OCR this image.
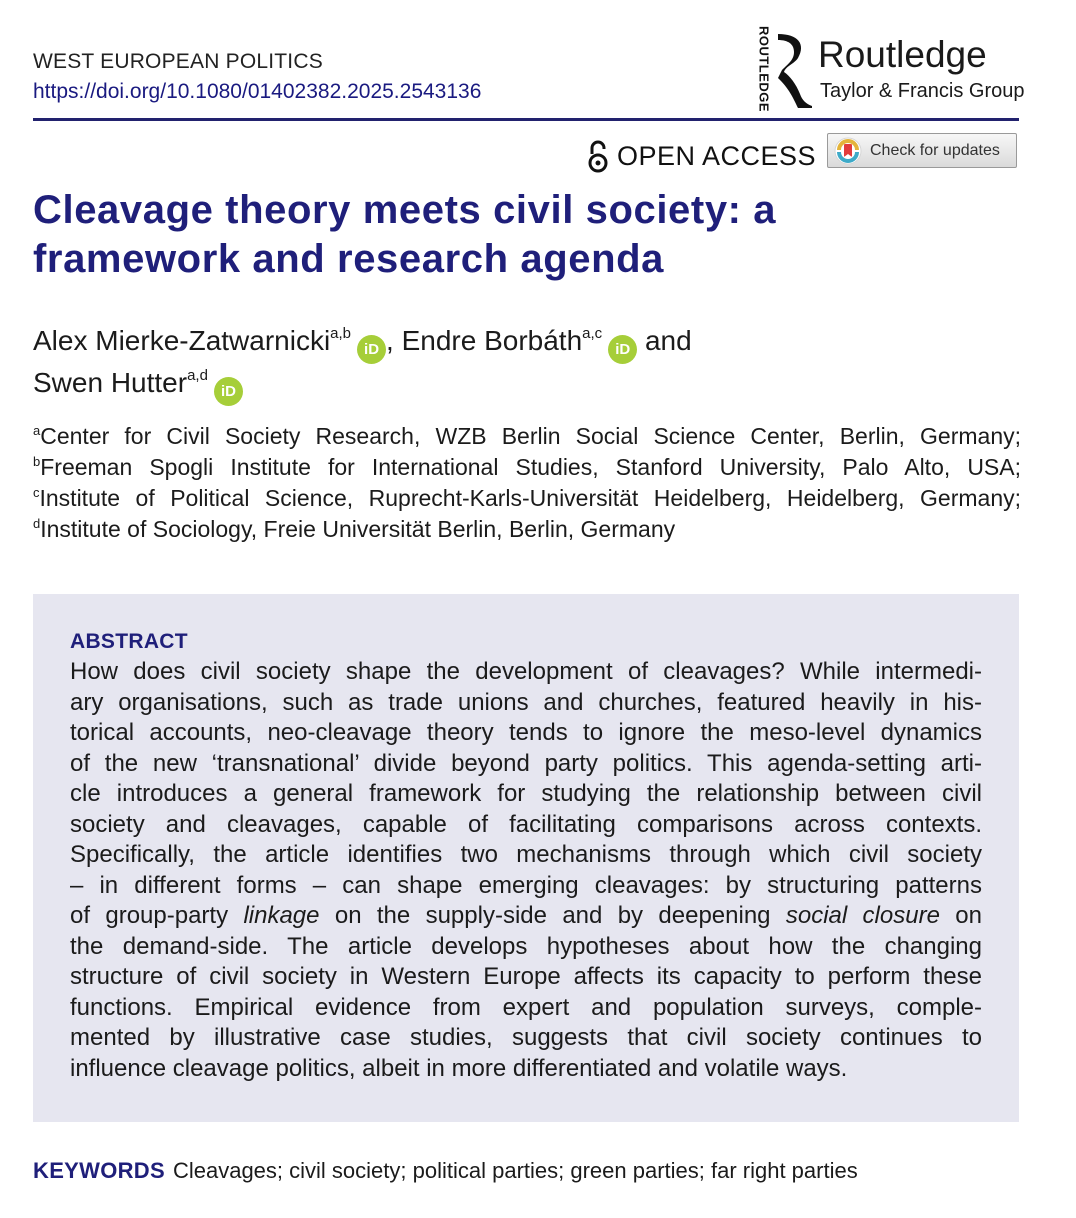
WEST EUROPEAN POLITICS
https://doi.org/10.1080/01402382.2025.2543136	ROUTLEDGE Routledge
Taylor & Francis Group
OPEN ACCESS	Check for updates
Cleavage theory meets civil society: a
framework and research agenda
Alex Mierke-Zatwarnicki$^{a,b}$iD , Endre Borbáth$^{a,c}$iD and
Swen Hutter$^{a,d}$iD
$^a$Center for Civil Society Research, WZB Berlin Social Science Center, Berlin, Germany;
$^b$Freeman Spogli Institute for International Studies, Stanford University, Palo Alto, USA;
$^c$Institute of Political Science, Ruprecht-Karls-Universität Heidelberg, Heidelberg, Germany;
$^d$Institute of Sociology, Freie Universität Berlin, Berlin, Germany
ABSTRACT
How does civil society shape the development of cleavages? While intermedi-
ary organisations, such as trade unions and churches, featured heavily in his-
torical accounts, neo-cleavage theory tends to ignore the meso-level dynamics
of the new ‘transnational’ divide beyond party politics. This agenda-setting arti-
cle introduces a general framework for studying the relationship between civil
society and cleavages, capable of facilitating comparisons across contexts.
Specifically, the article identifies two mechanisms through which civil society
– in different forms – can shape emerging cleavages: by structuring patterns
of group-party linkage on the supply-side and by deepening social closure on
the demand-side. The article develops hypotheses about how the changing
structure of civil society in Western Europe affects its capacity to perform these
functions. Empirical evidence from expert and population surveys, comple-
mented by illustrative case studies, suggests that civil society continues to
influence cleavage politics, albeit in more differentiated and volatile ways.
KEYWORDS Cleavages; civil society; political parties; green parties; far right parties
